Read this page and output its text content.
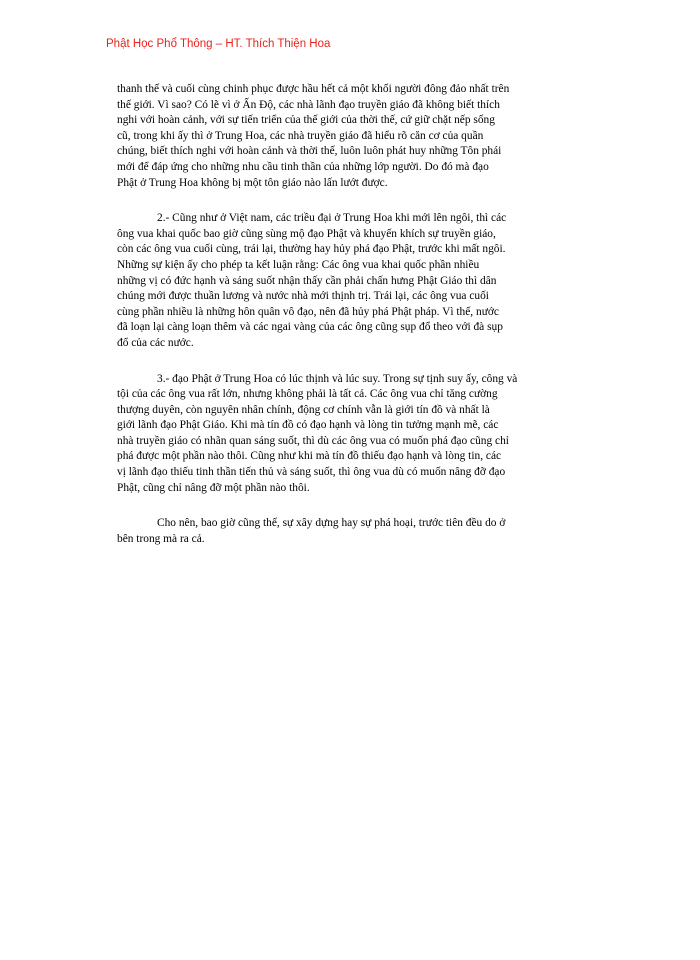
Phật Học Phổ Thông – HT. Thích Thiện Hoa
thanh thế và cuối cùng chinh phục được hầu hết cả một khối người đông đảo nhất trên
thế giới. Vì sao? Có lẽ vì ở Ấn Độ, các nhà lãnh đạo truyền giáo đã không biết thích
nghi với hoàn cảnh, với sự tiến triển của thế giới của thời thế, cứ giữ chặt nếp sống
cũ, trong khi ấy thì ở Trung Hoa, các nhà truyền giáo đã hiểu rõ căn cơ của quần
chúng, biết thích nghi với hoàn cảnh và thời thế, luôn luôn phát huy những Tôn phái
mới để đáp ứng cho những nhu cầu tinh thần của những lớp người. Do đó mà đạo
Phật ở Trung Hoa không bị một tôn giáo nào lấn lướt được.
2.- Cũng như ở Việt nam, các triều đại ở Trung Hoa khi mới lên ngôi, thì các
ông vua khai quốc bao giờ cũng sùng mộ đạo Phật và khuyến khích sự truyền giáo,
còn các ông vua cuối cùng, trái lại, thường hay hủy phá đạo Phật, trước khi mất ngôi.
Những sự kiện ấy cho phép ta kết luận rằng: Các ông vua khai quốc phần nhiều
những vị có đức hạnh và sáng suốt nhận thấy cần phải chấn hưng Phật Giáo thì dân
chúng mới được thuần lương và nước nhà mới thịnh trị. Trái lại, các ông vua cuối
cùng phần nhiều là những hôn quân vô đạo, nên đã hủy phá Phật pháp. Vì thế, nước
đã loạn lại càng loạn thêm và các ngai vàng của các ông cũng sụp đổ theo với đà sụp
đổ của các nước.
3.- đạo Phật ở Trung Hoa có lúc thịnh và lúc suy. Trong sự tịnh suy ấy, công và
tội của các ông vua rất lớn, nhưng không phải là tất cả. Các ông vua chỉ tăng cường
thượng duyên, còn nguyên nhân chính, động cơ chính vẫn là giới tín đồ và nhất là
giới lãnh đạo Phật Giáo. Khi mà tín đồ có đạo hạnh và lòng tin tưởng mạnh mẽ, các
nhà truyền giáo có nhãn quan sáng suốt, thì dù các ông vua có muốn phá đạo cũng chỉ
phá được một phần nào thôi. Cũng như khi mà tín đồ thiếu đạo hạnh và lòng tin, các
vị lãnh đạo thiếu tinh thần tiến thủ và sáng suốt, thì ông vua dù có muốn nâng đỡ đạo
Phật, cũng chỉ nâng đỡ một phần nào thôi.
Cho nên, bao giờ cũng thế, sự xây dựng hay sự phá hoại, trước tiên đều do ở
bên trong mà ra cả.
